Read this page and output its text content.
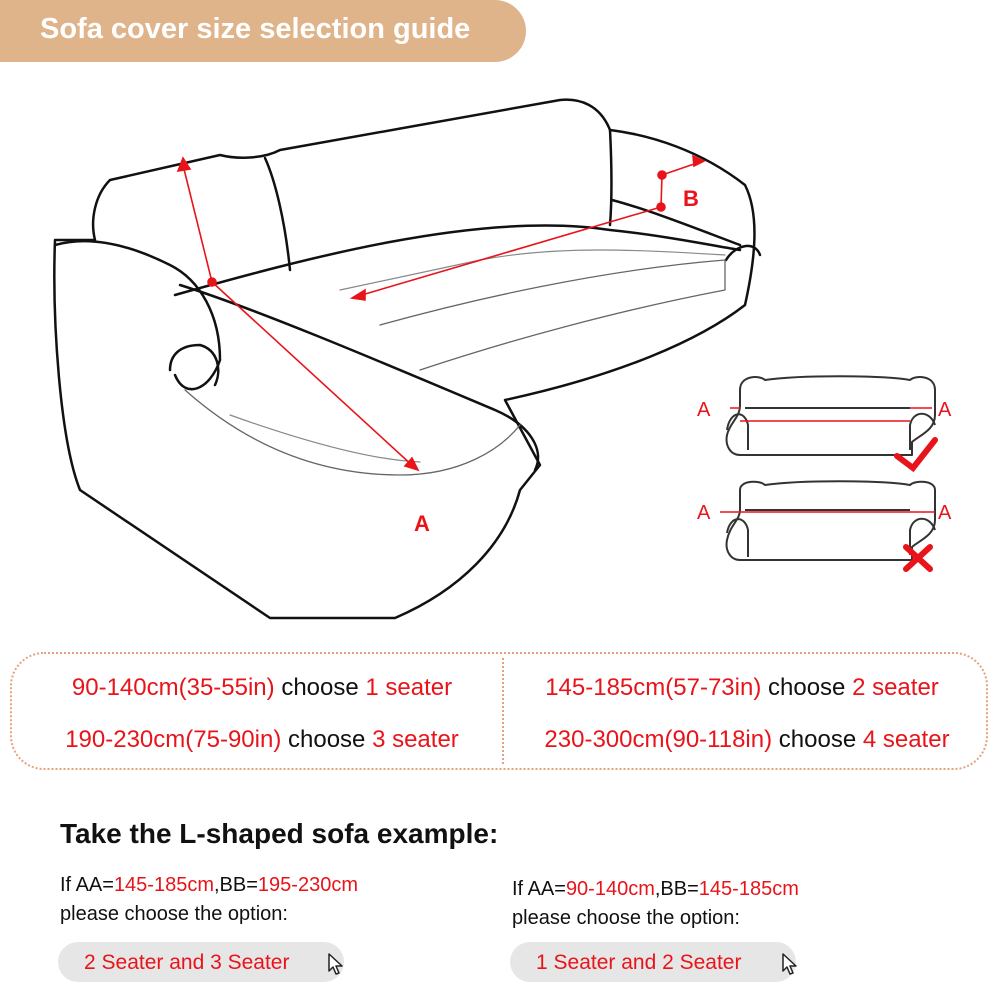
Sofa cover size selection guide
B
A
A	A
A	A
90-140cm(35-55in) choose 1 seater	145-185cm(57-73in) choose 2 seater
190-230cm(75-90in) choose 3 seater	230-300cm(90-118in) choose 4 seater
Take the L-shaped sofa example:
If AA=145-185cm,BB=195-230cm
please choose the option:
If AA=90-140cm,BB=145-185cm
please choose the option:
2 Seater and 3 Seater	1 Seater and 2 Seater
